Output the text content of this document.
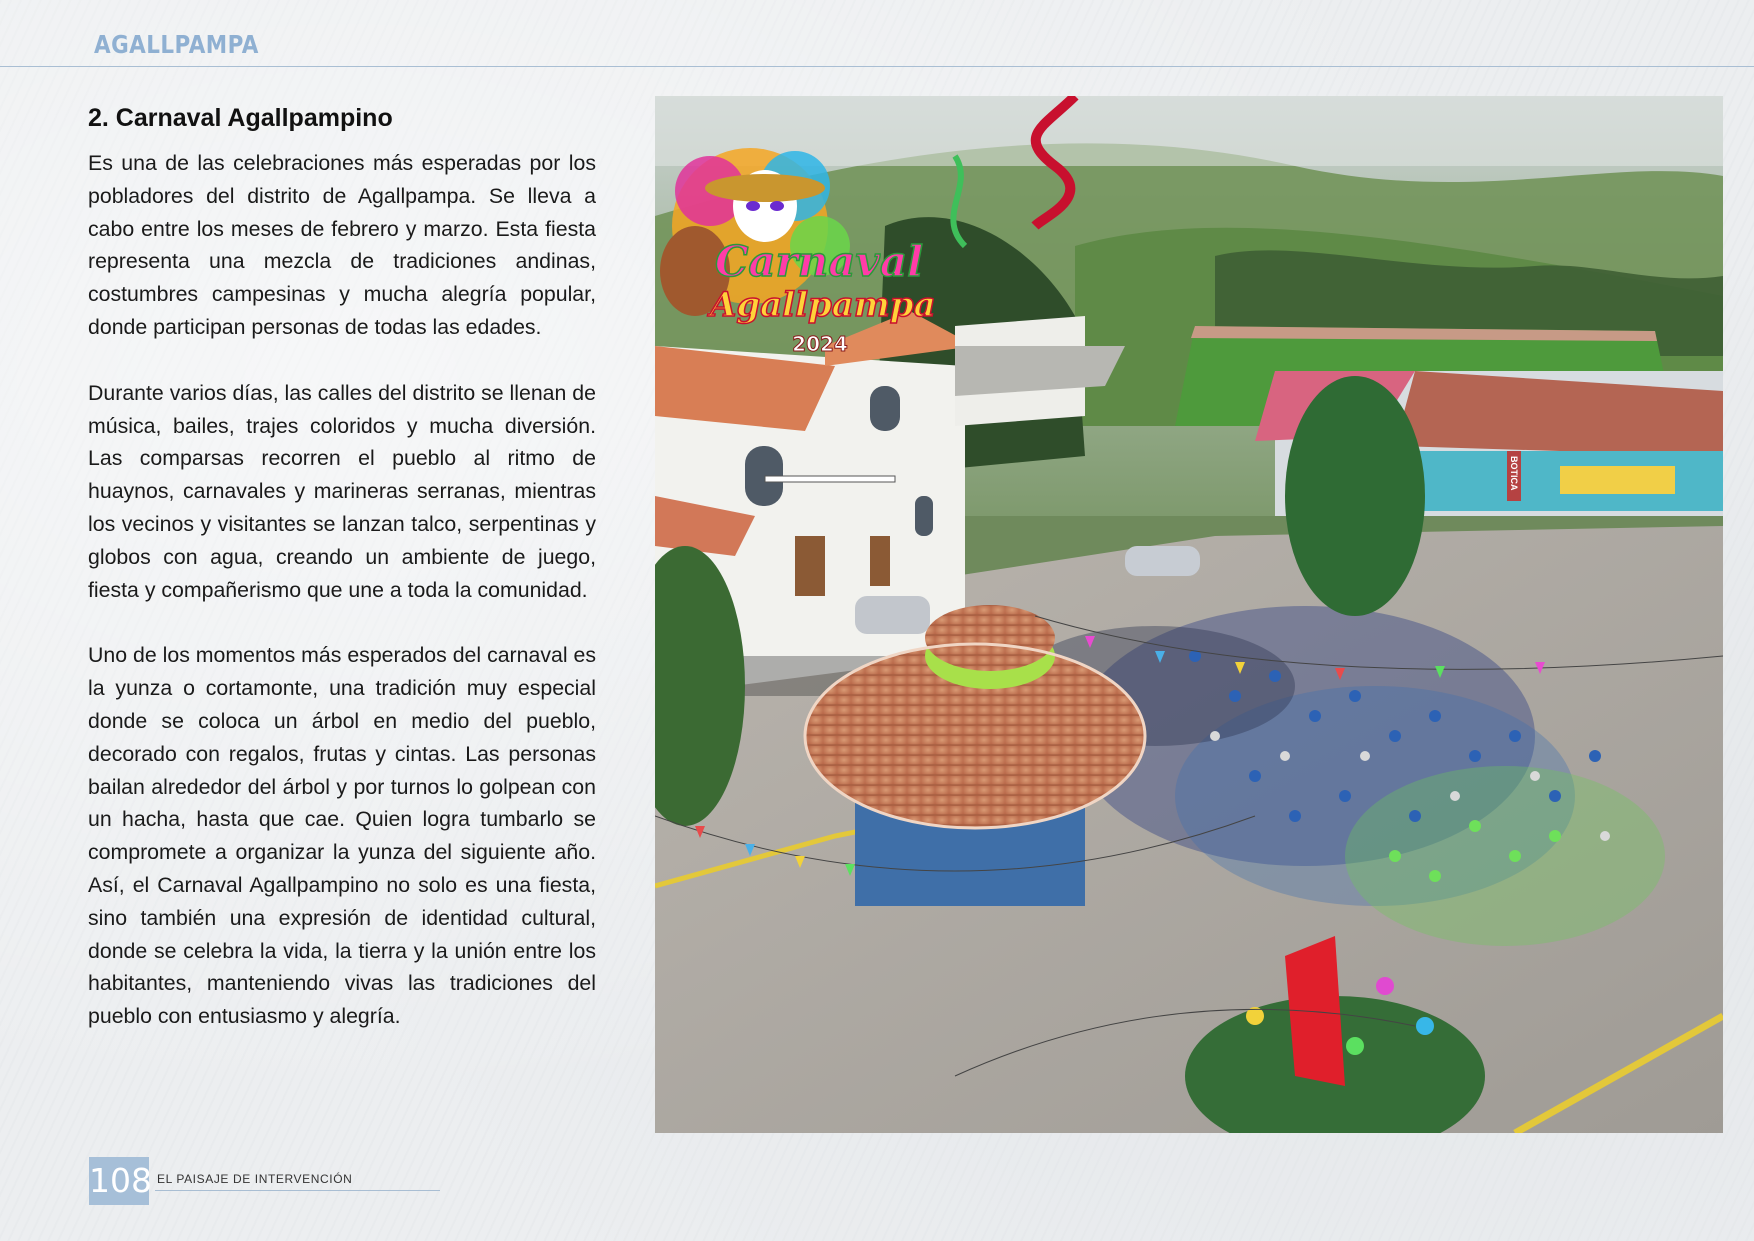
AGALLPAMPA
2. Carnaval Agallpampino

Es una de las celebraciones más esperadas por los pobladores del distrito de Agallpampa. Se lleva a cabo entre los meses de febrero y marzo. Esta fiesta representa una mezcla de tradiciones andinas, costumbres campesinas y mucha alegría popular, donde participan personas de todas las edades.

Durante varios días, las calles del distrito se llenan de música, bailes, trajes coloridos y mucha diversión. Las comparsas recorren el pueblo al ritmo de huaynos, carnavales y marineras serranas, mientras los vecinos y visitantes se lanzan talco, serpentinas y globos con agua, creando un ambiente de juego, fiesta y compañerismo que une a toda la comunidad.

Uno de los momentos más esperados del carnaval es la yunza o cortamonte, una tradición muy especial donde se coloca un árbol en medio del pueblo, decorado con regalos, frutas y cintas. Las personas bailan alrededor del árbol y por turnos lo golpean con un hacha, hasta que cae. Quien logra tumbarlo se compromete a organizar la yunza del siguiente año. Así, el Carnaval Agallpampino no solo es una fiesta, sino también una expresión de identidad cultural, donde se celebra la vida, la tierra y la unión entre los habitantes, manteniendo vivas las tradiciones del pueblo con entusiasmo y alegría.

BOTICA
Carnaval
Agallpampa
2024
108 EL PAISAJE DE INTERVENCIÓN
